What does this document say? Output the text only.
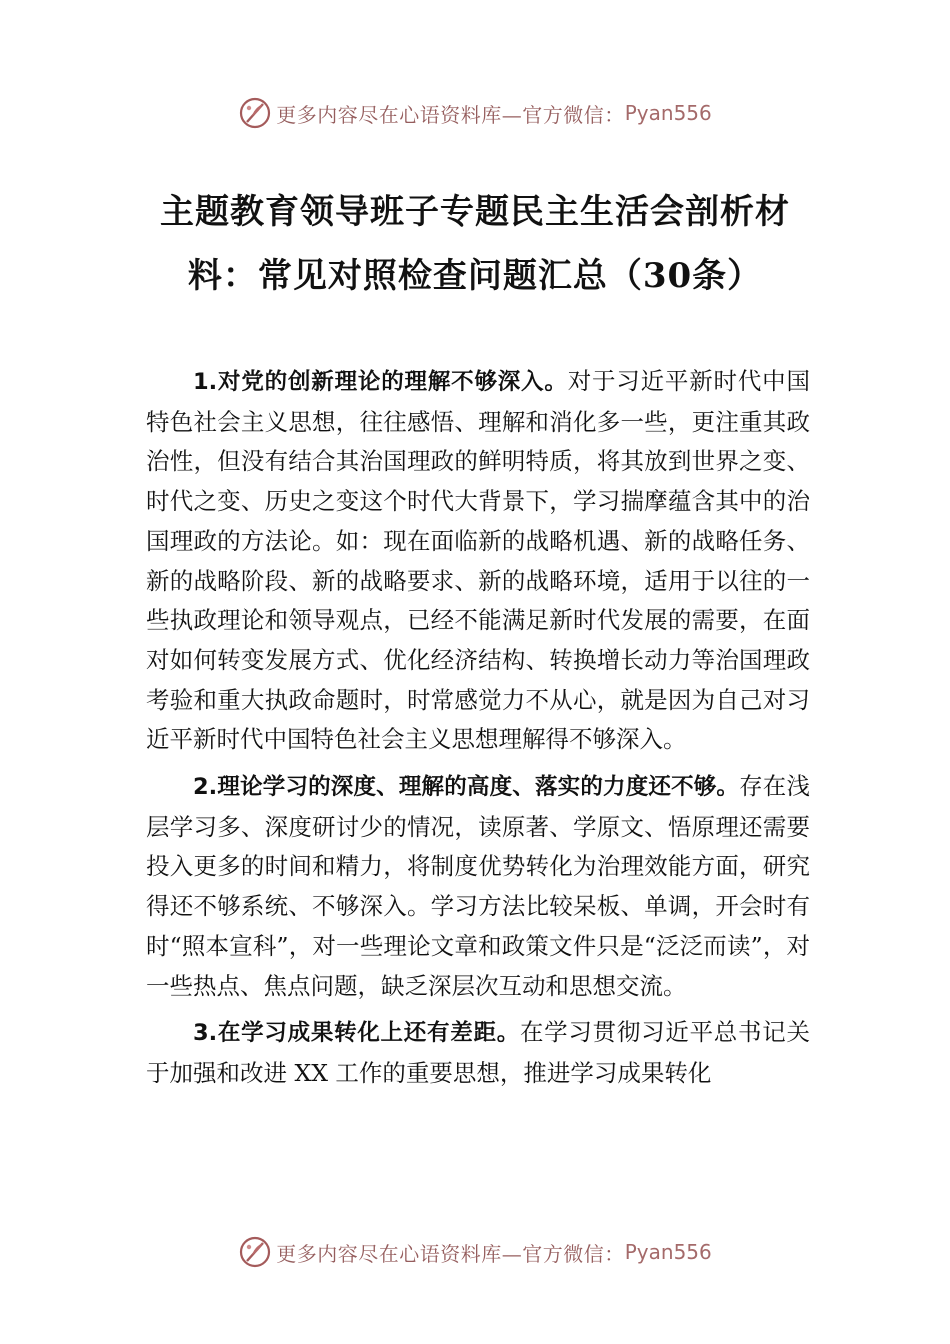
更多内容尽在心语资料库—官方微信： Pyan556
主题教育领导班子专题民主生活会剖析材料：常见对照检查问题汇总（30条）

1.对党的创新理论的理解不够深入。对于习近平新时代中国特色社会主义思想，往往感悟、理解和消化多一些，更注重其政治性，但没有结合其治国理政的鲜明特质，将其放到世界之变、时代之变、历史之变这个时代大背景下，学习揣摩蕴含其中的治国理政的方法论。如：现在面临新的战略机遇、新的战略任务、新的战略阶段、新的战略要求、新的战略环境，适用于以往的一些执政理论和领导观点，已经不能满足新时代发展的需要，在面对如何转变发展方式、优化经济结构、转换增长动力等治国理政考验和重大执政命题时，时常感觉力不从心，就是因为自己对习近平新时代中国特色社会主义思想理解得不够深入。

2.理论学习的深度、理解的高度、落实的力度还不够。存在浅层学习多、深度研讨少的情况，读原著、学原文、悟原理还需要投入更多的时间和精力，将制度优势转化为治理效能方面，研究得还不够系统、不够深入。学习方法比较呆板、单调，开会时有时“照本宣科”，对一些理论文章和政策文件只是“泛泛而读”，对一些热点、焦点问题，缺乏深层次互动和思想交流。

3.在学习成果转化上还有差距。在学习贯彻习近平总书记关于加强和改进 XX 工作的重要思想，推进学习成果转化

更多内容尽在心语资料库—官方微信： Pyan556
